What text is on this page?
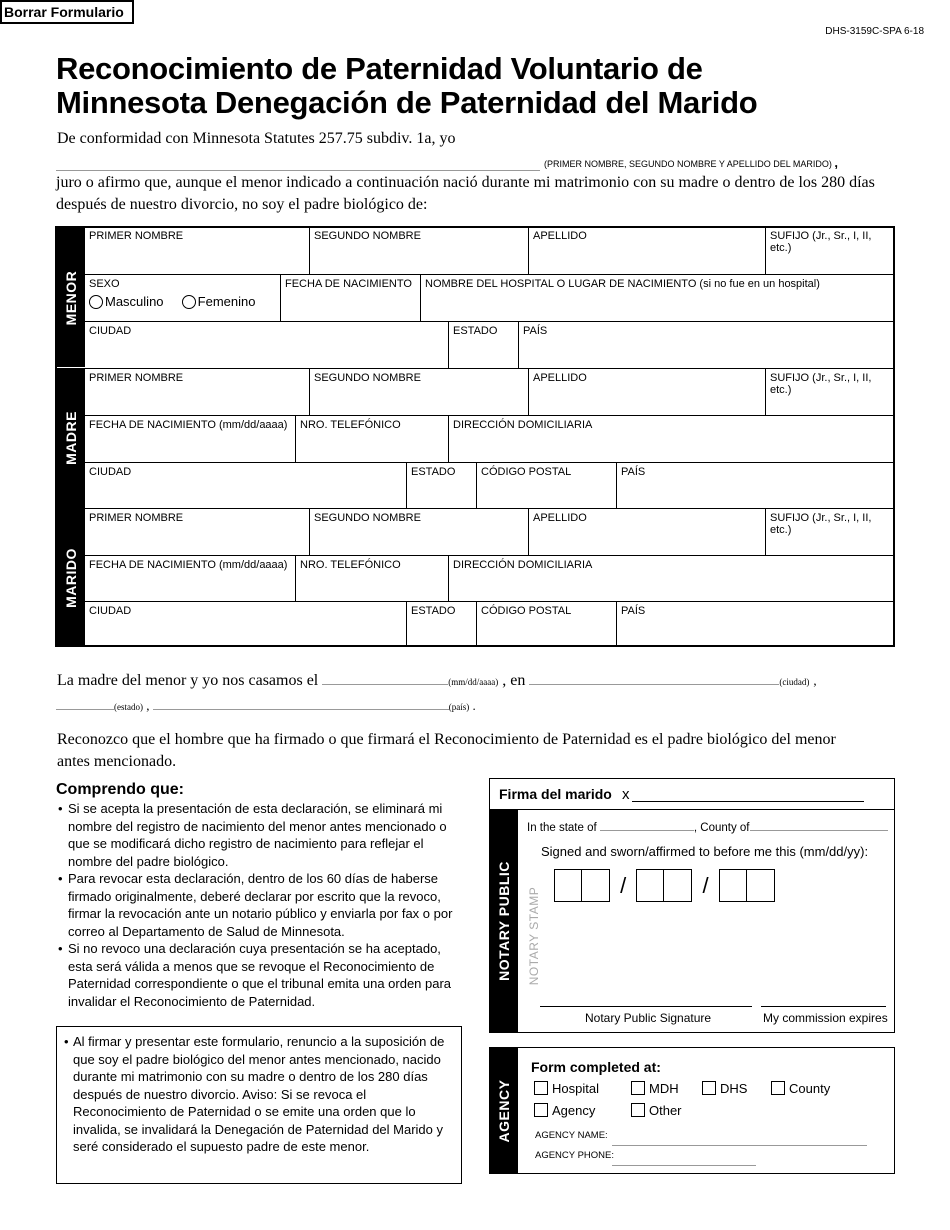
Borrar Formulario
DHS-3159C-SPA 6-18
Reconocimiento de Paternidad Voluntario de
Minnesota Denegación de Paternidad del Marido
De conformidad con Minnesota Statutes 257.75 subdiv. 1a, yo
(PRIMER NOMBRE, SEGUNDO NOMBRE Y APELLIDO DEL MARIDO) ,
juro o afirmo que, aunque el menor indicado a continuación nació durante mi matrimonio con su madre o dentro de los 280 días después de nuestro divorcio, no soy el padre biológico de:
MENOR
MADRE
MARIDO
PRIMER NOMBRE	SEGUNDO NOMBRE	APELLIDO	SUFIJO (Jr., Sr., I, II, etc.)
SEXO
Masculino	Femenino
FECHA DE NACIMIENTO	NOMBRE DEL HOSPITAL O LUGAR DE NACIMIENTO (si no fue en un hospital)
CIUDAD	ESTADO	PAÍS
PRIMER NOMBRE	SEGUNDO NOMBRE	APELLIDO	SUFIJO (Jr., Sr., I, II, etc.)
FECHA DE NACIMIENTO (mm/dd/aaaa)	NRO. TELEFÓNICO	DIRECCIÓN DOMICILIARIA
CIUDAD	ESTADO	CÓDIGO POSTAL	PAÍS
PRIMER NOMBRE	SEGUNDO NOMBRE	APELLIDO	SUFIJO (Jr., Sr., I, II, etc.)
FECHA DE NACIMIENTO (mm/dd/aaaa)	NRO. TELEFÓNICO	DIRECCIÓN DOMICILIARIA
CIUDAD	ESTADO	CÓDIGO POSTAL	PAÍS
La madre del menor y yo nos casamos el	(mm/dd/aaaa) , en	(ciudad) ,
(estado) ,	(país) .
Reconozco que el hombre que ha firmado o que firmará el Reconocimiento de Paternidad es el padre biológico del menor antes mencionado.
Comprendo que:
• Si se acepta la presentación de esta declaración, se eliminará mi nombre del registro de nacimiento del menor antes mencionado o que se modificará dicho registro de nacimiento para reflejar el nombre del padre biológico.
• Para revocar esta declaración, dentro de los 60 días de haberse firmado originalmente, deberé declarar por escrito que la revoco, firmar la revocación ante un notario público y enviarla por fax o por correo al Departamento de Salud de Minnesota.
• Si no revoco una declaración cuya presentación se ha aceptado, esta será válida a menos que se revoque el Reconocimiento de Paternidad correspondiente o que el tribunal emita una orden para invalidar el Reconocimiento de Paternidad.
• Al firmar y presentar este formulario, renuncio a la suposición de que soy el padre biológico del menor antes mencionado, nacido durante mi matrimonio con su madre o dentro de los 280 días después de nuestro divorcio. Aviso: Si se revoca el Reconocimiento de Paternidad o se emite una orden que lo invalida, se invalidará la Denegación de Paternidad del Marido y seré considerado el supuesto padre de este menor.
Firma del marido x
NOTARY PUBLIC
In the state of	, County of
Signed and sworn/affirmed to before me this (mm/dd/yy):
/	/
NOTARY STAMP
Notary Public Signature	My commission expires
AGENCY
Form completed at:
Hospital	MDH	DHS	County
Agency	Other
AGENCY NAME:
AGENCY PHONE:
